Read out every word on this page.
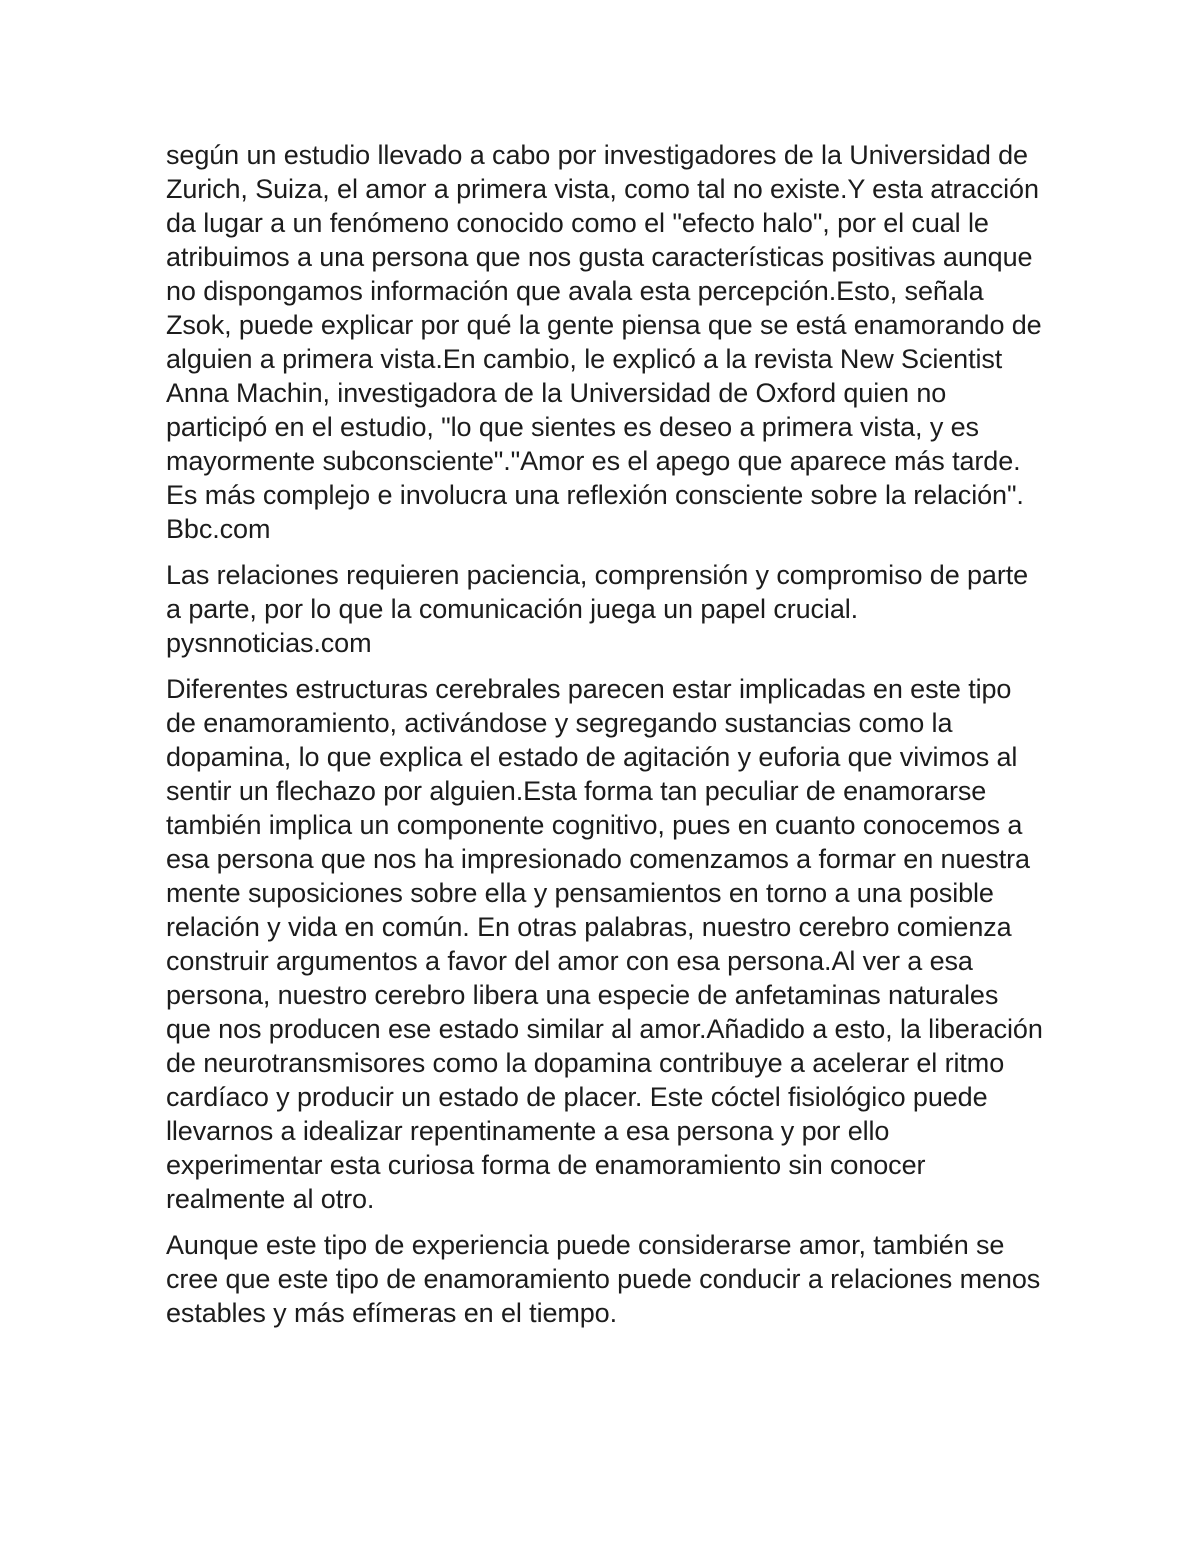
según un estudio llevado a cabo por investigadores de la Universidad de Zurich, Suiza, el amor a primera vista, como tal no existe.Y esta atracción da lugar a un fenómeno conocido como el "efecto halo", por el cual le atribuimos a una persona que nos gusta características positivas aunque no dispongamos información que avala esta percepción.Esto, señala Zsok, puede explicar por qué la gente piensa que se está enamorando de alguien a primera vista.En cambio, le explicó a la revista New Scientist Anna Machin, investigadora de la Universidad de Oxford quien no participó en el estudio, "lo que sientes es deseo a primera vista, y es mayormente subconsciente"."Amor es el apego que aparece más tarde. Es más complejo e involucra una reflexión consciente sobre la relación". Bbc.com

Las relaciones requieren paciencia, comprensión y compromiso de parte a parte, por lo que la comunicación juega un papel crucial. pysnnoticias.com

Diferentes estructuras cerebrales parecen estar implicadas en este tipo de enamoramiento, activándose y segregando sustancias como la dopamina, lo que explica el estado de agitación y euforia que vivimos al sentir un flechazo por alguien.Esta forma tan peculiar de enamorarse también implica un componente cognitivo, pues en cuanto conocemos a esa persona que nos ha impresionado comenzamos a formar en nuestra mente suposiciones sobre ella y pensamientos en torno a una posible relación y vida en común. En otras palabras, nuestro cerebro comienza construir argumentos a favor del amor con esa persona.Al ver a esa persona, nuestro cerebro libera una especie de anfetaminas naturales que nos producen ese estado similar al amor.Añadido a esto, la liberación de neurotransmisores como la dopamina contribuye a acelerar el ritmo cardíaco y producir un estado de placer. Este cóctel fisiológico puede llevarnos a idealizar repentinamente a esa persona y por ello experimentar esta curiosa forma de enamoramiento sin conocer realmente al otro.

Aunque este tipo de experiencia puede considerarse amor, también se cree que este tipo de enamoramiento puede conducir a relaciones menos estables y más efímeras en el tiempo.
